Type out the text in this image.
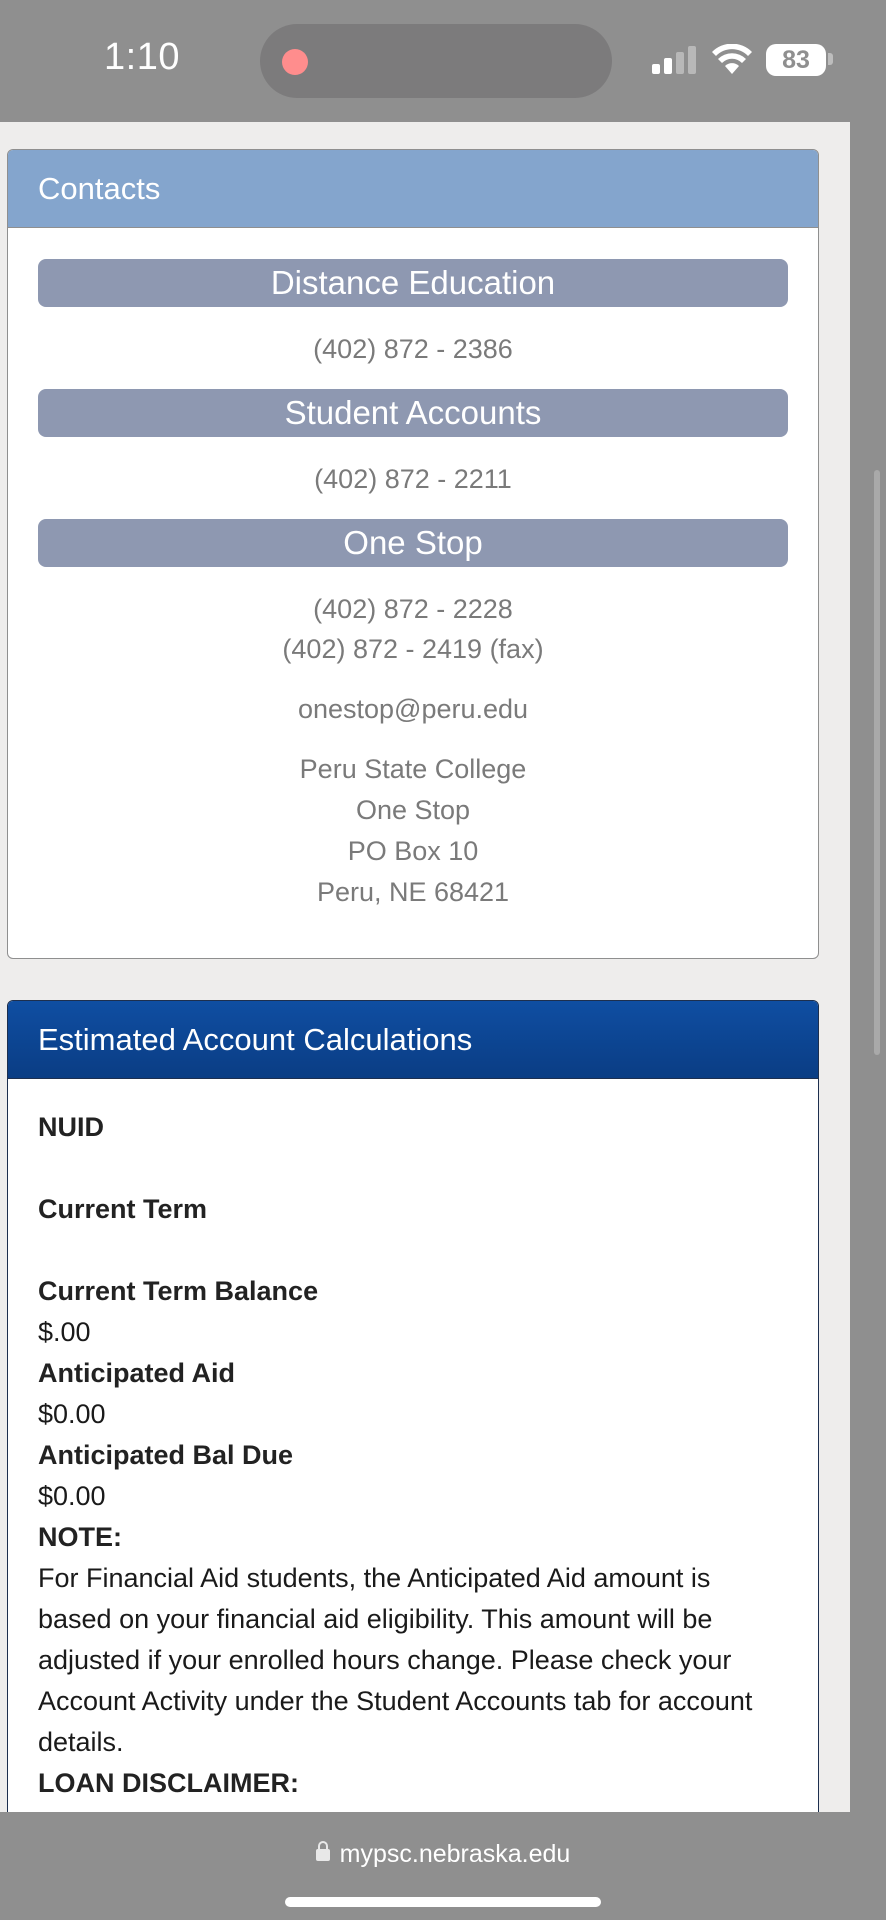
1:10	83
Contacts
Distance Education
(402) 872 - 2386
Student Accounts
(402) 872 - 2211
One Stop
(402) 872 - 2228
(402) 872 - 2419 (fax)
onestop@peru.edu
Peru State College
One Stop
PO Box 10
Peru, NE 68421
Estimated Account Calculations
NUID
Current Term
Current Term Balance
$.00
Anticipated Aid
$0.00
Anticipated Bal Due
$0.00
NOTE:
For Financial Aid students, the Anticipated Aid amount is based on your financial aid eligibility. This amount will be adjusted if your enrolled hours change. Please check your Account Activity under the Student Accounts tab for account details.
LOAN DISCLAIMER:
mypsc.nebraska.edu
